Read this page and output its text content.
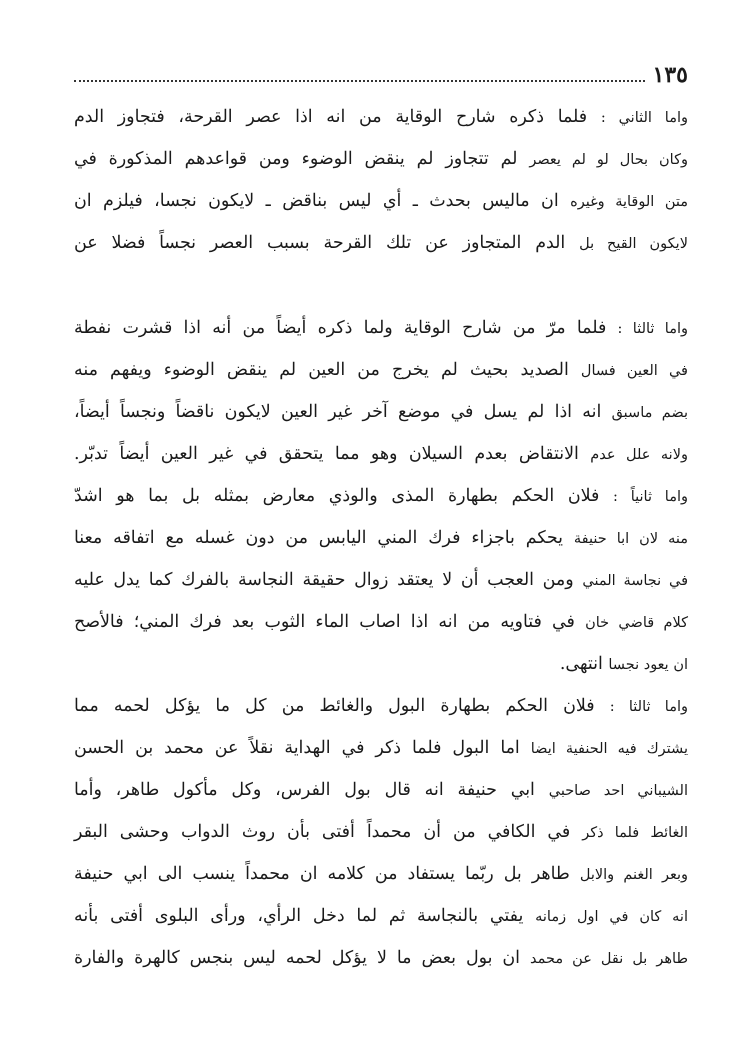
١٣٥
واما الثاني : فلما ذكره شارح الوقاية من انه اذا عصر القرحة، فتجاوز الدم
وكان بحال لو لم يعصر لم تتجاوز لم ينقض الوضوء ومن قواعدهم المذكورة في
متن الوقاية وغيره ان ماليس بحدث ـ أي ليس بناقض ـ لايكون نجسا، فيلزم ان
لايكون القيح بل الدم المتجاوز عن تلك القرحة بسبب العصر نجساً فضلا عن
واما ثالثا : فلما مرّ من شارح الوقاية ولما ذكره أيضاً من أنه اذا قشرت نفطة
في العين فسال الصديد بحيث لم يخرج من العين لم ينقض الوضوء ويفهم منه
بضم ماسبق انه اذا لم يسل في موضع آخر غير العين لايكون ناقضاً ونجساً أيضاً،
ولانه علل عدم الانتقاض بعدم السيلان وهو مما يتحقق في غير العين أيضاً تدبّر.
واما ثانياً : فلان الحكم بطهارة المذى والوذي معارض بمثله بل بما هو اشدّ
منه لان ابا حنيفة يحكم باجزاء فرك المني اليابس من دون غسله مع اتفاقه معنا
في نجاسة المني ومن العجب أن لا يعتقد زوال حقيقة النجاسة بالفرك كما يدل عليه
كلام قاضي خان في فتاويه من انه اذا اصاب الماء الثوب بعد فرك المني؛ فالأصح
ان يعود نجسا انتهى.
واما ثالثا : فلان الحكم بطهارة البول والغائط من كل ما يؤكل لحمه مما
يشترك فيه الحنفية ايضا اما البول فلما ذكر في الهداية نقلاً عن محمد بن الحسن
الشيباني احد صاحبي ابي حنيفة انه قال بول الفرس، وكل مأكول طاهر، وأما
الغائط فلما ذكر في الكافي من أن محمداً أفتى بأن روث الدواب وحشى البقر
وبعر الغنم والابل طاهر بل ربّما يستفاد من كلامه ان محمداً ينسب الى ابي حنيفة
انه كان في اول زمانه يفتي بالنجاسة ثم لما دخل الرأي، ورأى البلوى أفتى بأنه
طاهر بل نقل عن محمد ان بول بعض ما لا يؤكل لحمه ليس بنجس كالهرة والفارة
